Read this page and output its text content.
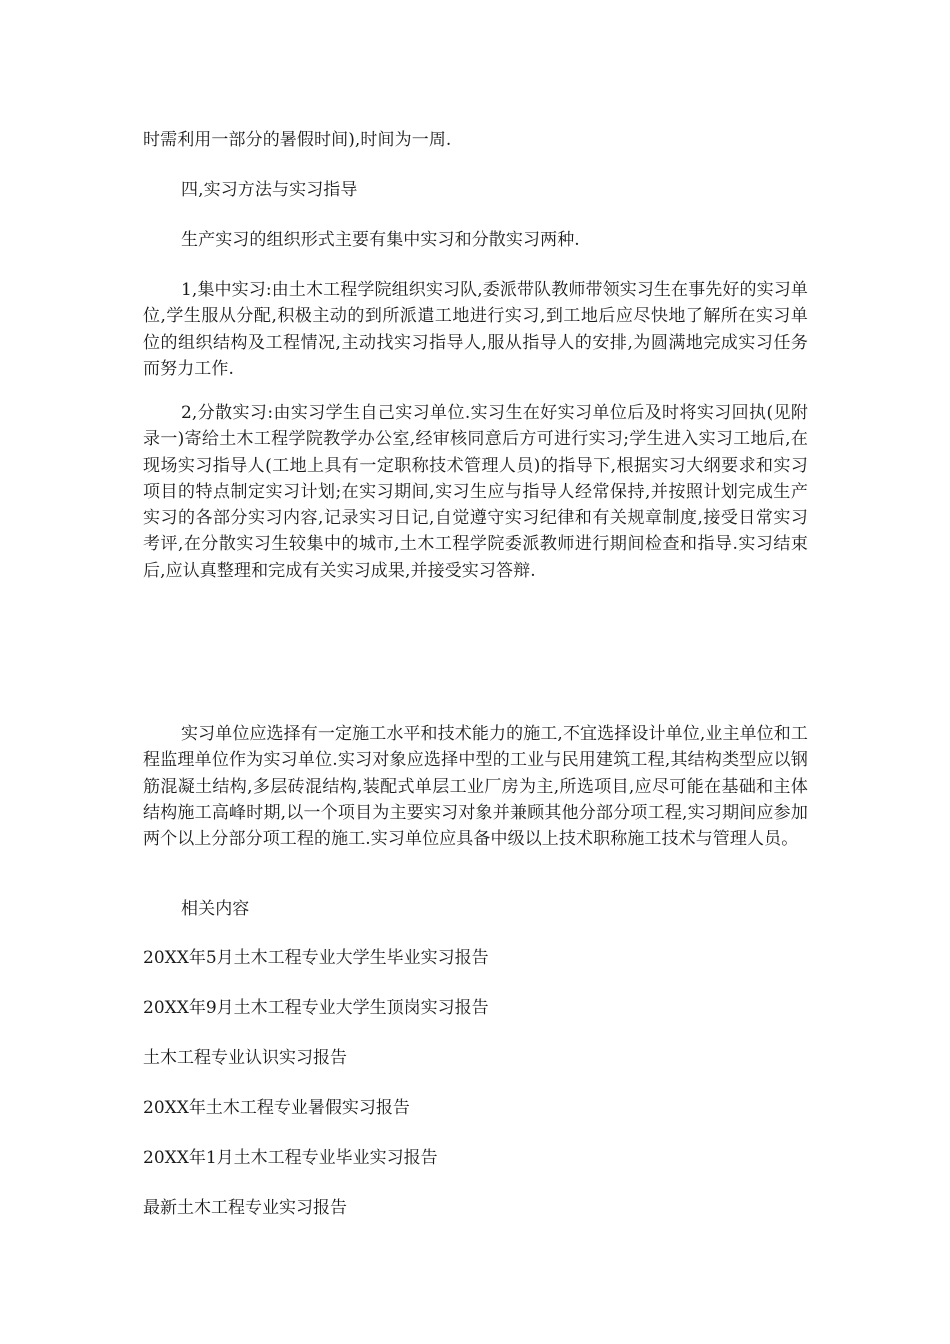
时需利用一部分的暑假时间),时间为一周.

四,实习方法与实习指导

生产实习的组织形式主要有集中实习和分散实习两种.

1,集中实习:由土木工程学院组织实习队,委派带队教师带领实习生在事先好的实习单位,学生服从分配,积极主动的到所派遣工地进行实习,到工地后应尽快地了解所在实习单位的组织结构及工程情况,主动找实习指导人,服从指导人的安排,为圆满地完成实习任务而努力工作.

2,分散实习:由实习学生自己实习单位.实习生在好实习单位后及时将实习回执(见附录一)寄给土木工程学院教学办公室,经审核同意后方可进行实习;学生进入实习工地后,在现场实习指导人(工地上具有一定职称技术管理人员)的指导下,根据实习大纲要求和实习项目的特点制定实习计划;在实习期间,实习生应与指导人经常保持,并按照计划完成生产实习的各部分实习内容,记录实习日记,自觉遵守实习纪律和有关规章制度,接受日常实习考评,在分散实习生较集中的城市,土木工程学院委派教师进行期间检查和指导.实习结束后,应认真整理和完成有关实习成果,并接受实习答辩.

实习单位应选择有一定施工水平和技术能力的施工,不宜选择设计单位,业主单位和工程监理单位作为实习单位.实习对象应选择中型的工业与民用建筑工程,其结构类型应以钢筋混凝土结构,多层砖混结构,装配式单层工业厂房为主,所选项目,应尽可能在基础和主体结构施工高峰时期,以一个项目为主要实习对象并兼顾其他分部分项工程,实习期间应参加两个以上分部分项工程的施工.实习单位应具备中级以上技术职称施工技术与管理人员。

相关内容

20XX年5月土木工程专业大学生毕业实习报告
20XX年9月土木工程专业大学生顶岗实习报告
土木工程专业认识实习报告
20XX年土木工程专业暑假实习报告
20XX年1月土木工程专业毕业实习报告
最新土木工程专业实习报告
